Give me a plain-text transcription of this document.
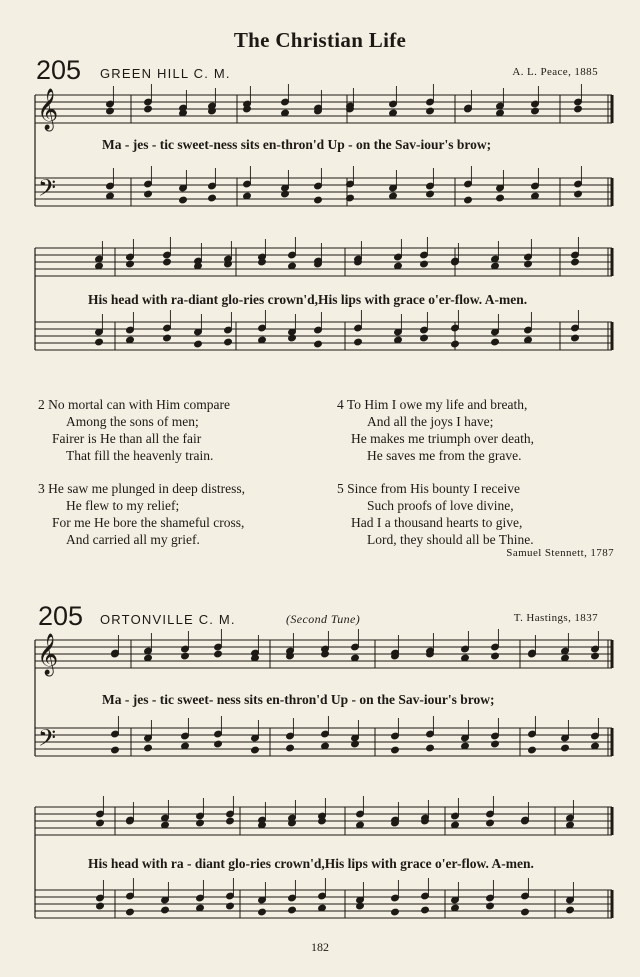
The Christian Life
205 GREEN HILL C. M.	A. L. Peace, 1885
𝄞
𝄢
𝄞
𝄢
Ma - jes - tic sweet-ness sits en-thron'd Up - on the Sav-iour's brow;
His head with ra-diant glo-ries crown'd,His lips with grace o'er-flow. A-men.
2 No mortal can with Him compare
Among the sons of men;
Fairer is He than all the fair
That fill the heavenly train.
3 He saw me plunged in deep distress,
He flew to my relief;
For me He bore the shameful cross,
And carried all my grief.
4 To Him I owe my life and breath,
And all the joys I have;
He makes me triumph over death,
He saves me from the grave.
5 Since from His bounty I receive
Such proofs of love divine,
Had I a thousand hearts to give,
Lord, they should all be Thine.
Samuel Stennett, 1787
205 ORTONVILLE C. M.	(Second Tune)	T. Hastings, 1837
Ma - jes - tic sweet- ness sits en-thron'd Up - on the Sav-iour's brow;
His head with ra - diant glo-ries crown'd,His lips with grace o'er-flow. A-men.
182
